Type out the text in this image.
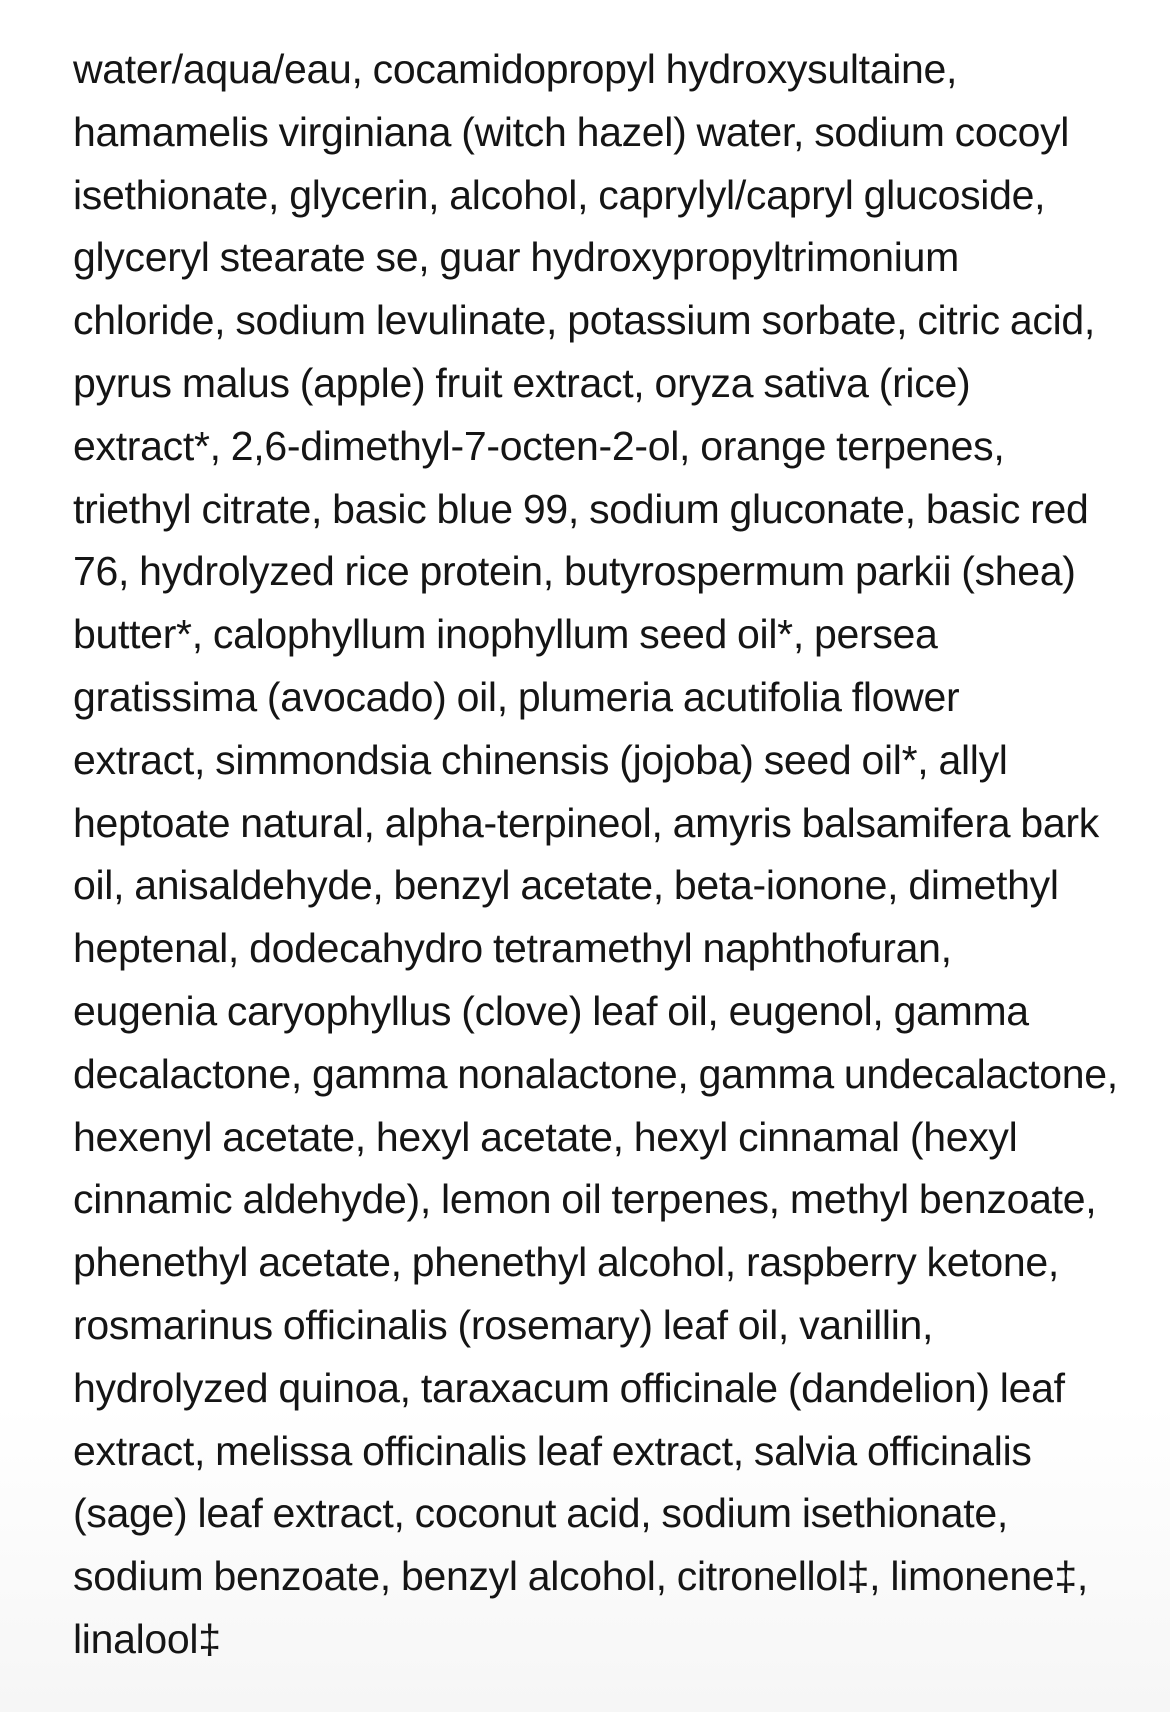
water/aqua/eau, cocamidopropyl hydroxysultaine,
hamamelis virginiana (witch hazel) water, sodium cocoyl
isethionate, glycerin, alcohol, caprylyl/capryl glucoside,
glyceryl stearate se, guar hydroxypropyltrimonium
chloride, sodium levulinate, potassium sorbate, citric acid,
pyrus malus (apple) fruit extract, oryza sativa (rice)
extract*, 2,6-dimethyl-7-octen-2-ol, orange terpenes,
triethyl citrate, basic blue 99, sodium gluconate, basic red
76, hydrolyzed rice protein, butyrospermum parkii (shea)
butter*, calophyllum inophyllum seed oil*, persea
gratissima (avocado) oil, plumeria acutifolia flower
extract, simmondsia chinensis (jojoba) seed oil*, allyl
heptoate natural, alpha-terpineol, amyris balsamifera bark
oil, anisaldehyde, benzyl acetate, beta-ionone, dimethyl
heptenal, dodecahydro tetramethyl naphthofuran,
eugenia caryophyllus (clove) leaf oil, eugenol, gamma
decalactone, gamma nonalactone, gamma undecalactone,
hexenyl acetate, hexyl acetate, hexyl cinnamal (hexyl
cinnamic aldehyde), lemon oil terpenes, methyl benzoate,
phenethyl acetate, phenethyl alcohol, raspberry ketone,
rosmarinus officinalis (rosemary) leaf oil, vanillin,
hydrolyzed quinoa, taraxacum officinale (dandelion) leaf
extract, melissa officinalis leaf extract, salvia officinalis
(sage) leaf extract, coconut acid, sodium isethionate,
sodium benzoate, benzyl alcohol, citronellol‡, limonene‡,
linalool‡
